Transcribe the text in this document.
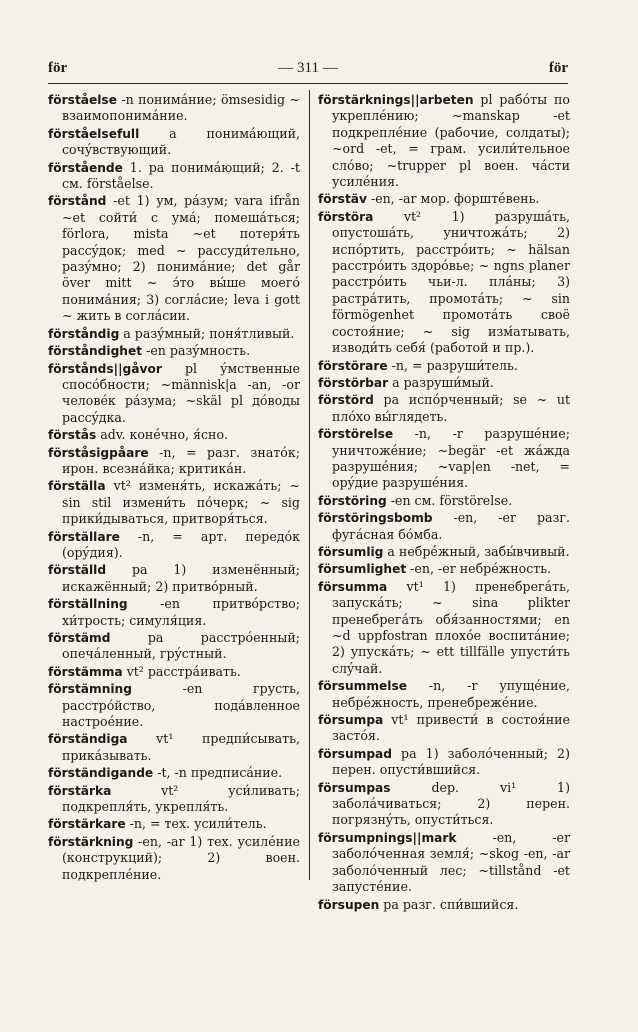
för	— 311 —	för

förståelse -n понимáние; ömsesidig ~ взаимопонимáние.

förståelsefull a понимáющий, сочýвствующий.

förstående 1. pa понимáющий; 2. -t см. förståelse.

förstånd -et 1) ум, рáзум; vara ifrån ~et сойти́ с умá; помешáться; förlora, mista ~et потеря́ть рассýдок; med ~ рассуди́тельно, разýмно; 2) понимáние; det går över mitt ~ э́то вы́ше моегó понимáния; 3) соглáсие; leva i gott ~ жить в соглáсии.

förståndig a разýмный; поня́тливый.

förståndighet -en разýмность.

förstånds||gåvor pl ýмственные спосóбности; ~människ|a -an, -or человéк рáзума; ~skäl pl дóводы рассýдка.

förstås adv. конéчно, я́сно.

förståsigpåare -n, = разг. знатóк; ирон. всезнáйка; критикáн.

förställa vt² изменя́ть, искажáть; ~ sin stil измени́ть пóчерк; ~ sig прики́дываться, притворя́ться.

förställare -n, = арт. передóк (орýдия).

förställd pa 1) изменённый; искажённый; 2) притвóрный.

förställning -en притвóрство; хи́трость; симуля́ция.

förstämd pa расстрóенный; опечáленный, грýстный.

förstämma vt² расстрáивать.

förstämning -en грусть, расстрóйство, подáвленное настроéние.

förständiga vt¹ предпи́сывать, прикáзывать.

förständigande -t, -n предписáние.

förstärka vt² уси́ливать; подкрепля́ть, укрепля́ть.

förstärkare -n, = тех. усили́тель.

förstärkning -en, -ar 1) тех. усилéние (конструкций); 2) воен. подкреплéние.

förstärknings||arbeten pl рабóты по укреплéнию; ~manskap -et подкреплéние (рабочие, солдаты); ~ord -et, = грам. усили́тельное слóво; ~trupper pl воен. чáсти усилéния.

förstäv -en, -ar мор. форштéвень.

förstöra vt² 1) разрушáть, опустошáть, уничтожáть; 2) испóртить, расстрóить; ~ hälsan расстрóить здорóвье; ~ ngns planer расстрóить чьи-л. плáны; 3) растрáтить, промотáть; ~ sin förmögenhet промотáть своё состоя́ние; ~ sig изм́атывать, изводи́ть себя́ (работой и пр.).

förstörare -n, = разруши́тель.

förstörbar a разруши́мый.

förstörd pa испóрченный; se ~ ut плóхо вы́глядеть.

förstörelse -n, -r разрушéние; уничтожéние; ~begär -et жáжда разрушéния; ~vap|en -net, = орýдие разрушéния.

förstöring -en см. förstörelse.

förstöringsbomb -en, -er разг. фугáсная бóмба.

försumlig a небрéжный, забы́вчивый.

försumlighet -en, -er небрéжность.

försumma vt¹ 1) пренебрегáть, запускáть; ~ sina plikter пренебрегáть обя́занностями; en ~d uppfostran плохóе воспитáние; 2) упускáть; ~ ett tillfälle упусти́ть слýчай.

försummelse -n, -r упущéние, небрéжность, пренебрежéние.

försumpa vt¹ привести́ в состоя́ние застóя.

försumpad pa 1) заболóченный; 2) перен. опусти́вшийся.

försumpas dep. vi¹ 1) заболáчиваться; 2) перен. погрязнýть, опусти́ться.

försumpnings||mark -en, -er заболóченная земля́; ~skog -en, -ar заболóченный лес; ~tillstånd -et запустéние.

försupen pa разг. спи́вшийся.
